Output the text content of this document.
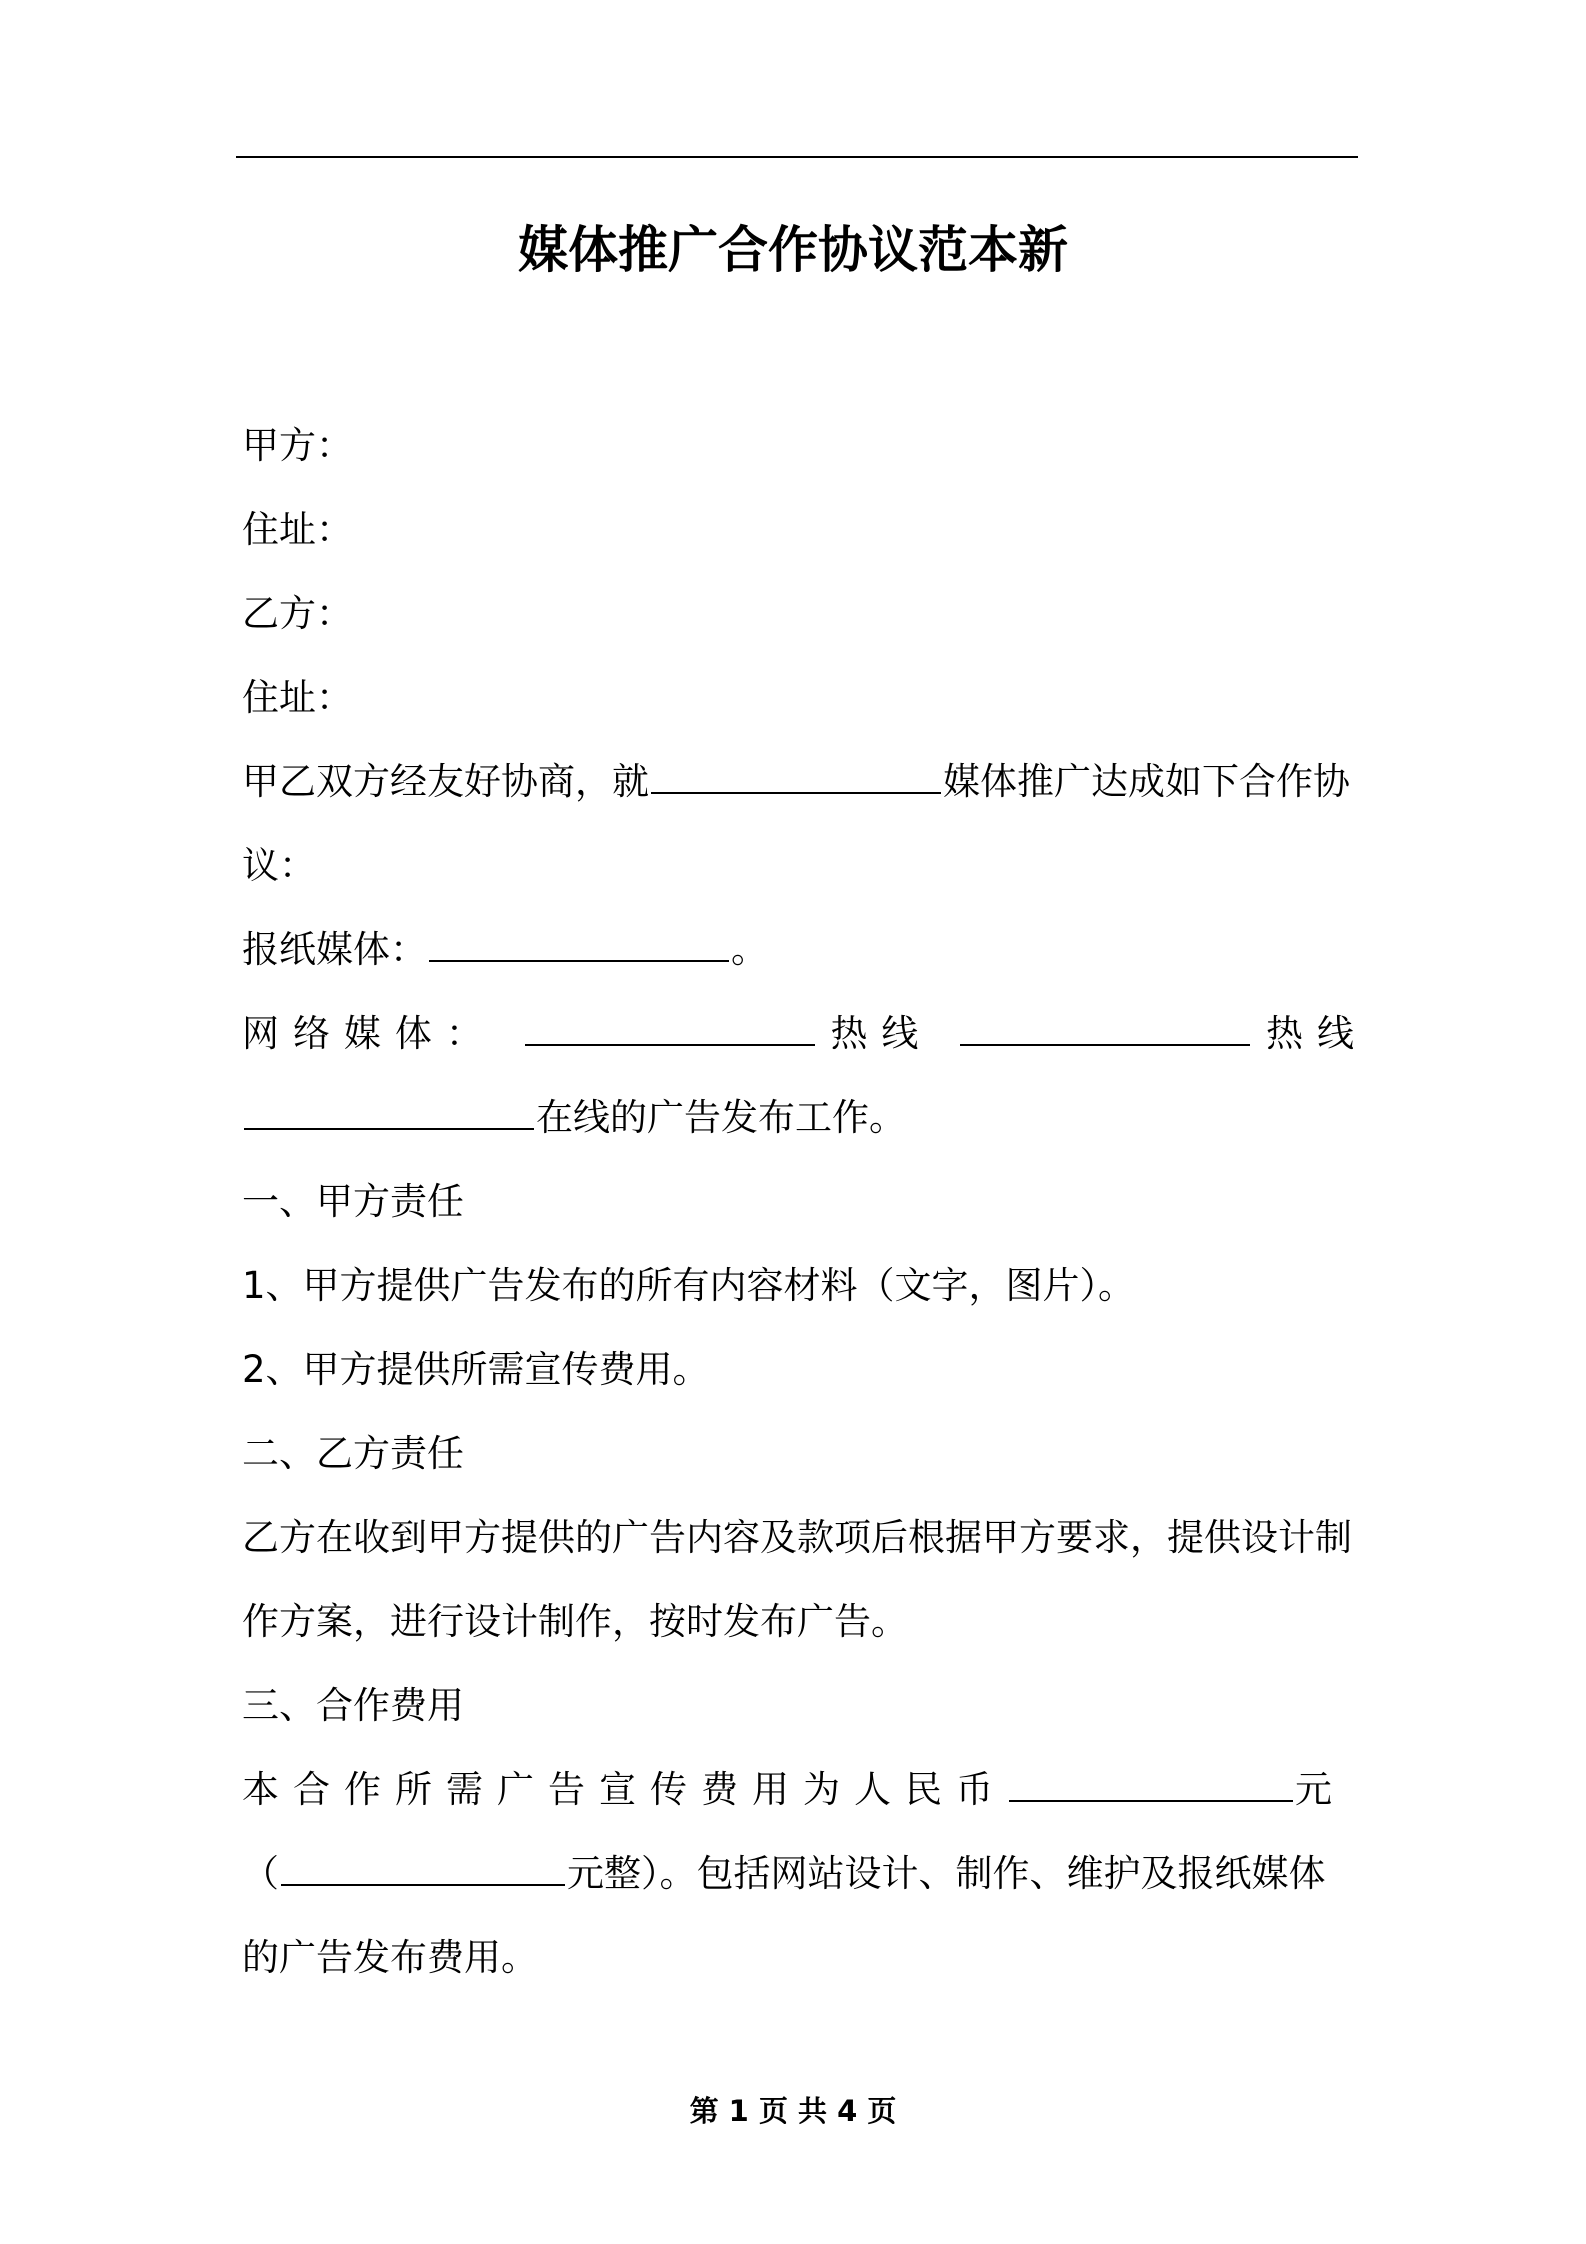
媒体推广合作协议范本新

甲方：

住址：

乙方：

住址：

甲乙双方经友好协商，就	媒体推广达成如下合作协

议：

报纸媒体：	。

网络媒体：	热线	热线

在线的广告发布工作。

一、甲方责任

1、甲方提供广告发布的所有内容材料（文字，图片）。

2、甲方提供所需宣传费用。

二、乙方责任

乙方在收到甲方提供的广告内容及款项后根据甲方要求，提供设计制

作方案，进行设计制作，按时发布广告。

三、合作费用

本合作所需广告宣传费用为人民币	元

（	元整）。包括网站设计、制作、维护及报纸媒体

的广告发布费用。

第 1 页 共 4 页
